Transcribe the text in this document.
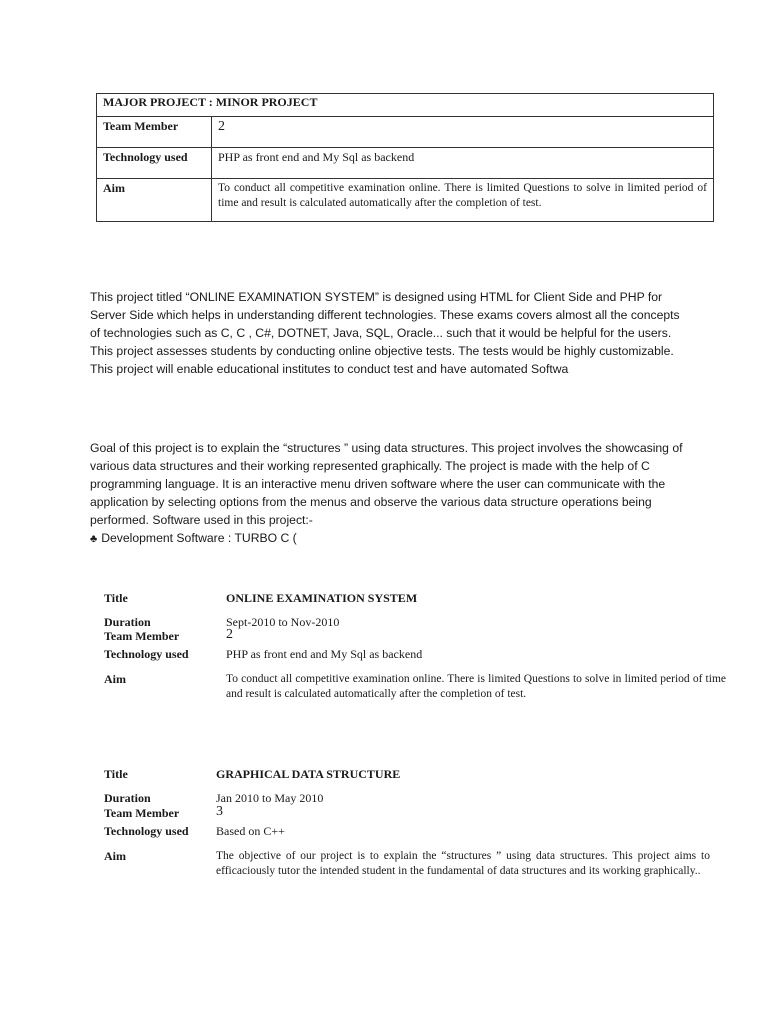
MAJOR PROJECT : MINOR PROJECT	
Team Member	2
Technology used	PHP as front end and My Sql as backend
Aim	To conduct all competitive examination online. There is limited Questions to solve in limited period of time and result is calculated automatically after the completion of test.
This project titled “ONLINE EXAMINATION SYSTEM” is designed using HTML for Client Side and PHP for Server Side which helps in understanding different technologies. These exams covers almost all the concepts of technologies such as C, C , C#, DOTNET, Java, SQL, Oracle... such that it would be helpful for the users. This project assesses students by conducting online objective tests. The tests would be highly customizable. This project will enable educational institutes to conduct test and have automated Softwa
Goal of this project is to explain the “structures ” using data structures. This project involves the showcasing of various data structures and their working represented graphically. The project is made with the help of C programming language. It is an interactive menu driven software where the user can communicate with the application by selecting options from the menus and observe the various data structure operations being performed. Software used in this project:-
♣ Development Software : TURBO C (
Title	ONLINE EXAMINATION SYSTEM
Duration	Sept-2010 to Nov-2010
Team Member	2
Technology used	PHP as front end and My Sql as backend
Aim	To conduct all competitive examination online. There is limited Questions to solve in limited period of time and result is calculated automatically after the completion of test.
Title	GRAPHICAL DATA STRUCTURE
Duration	Jan 2010 to May 2010
Team Member	3
Technology used Based on C++
Aim	The objective of our project is to explain the “structures ” using data structures. This project aims to efficaciously tutor the intended student in the fundamental of data structures and its working graphically..
